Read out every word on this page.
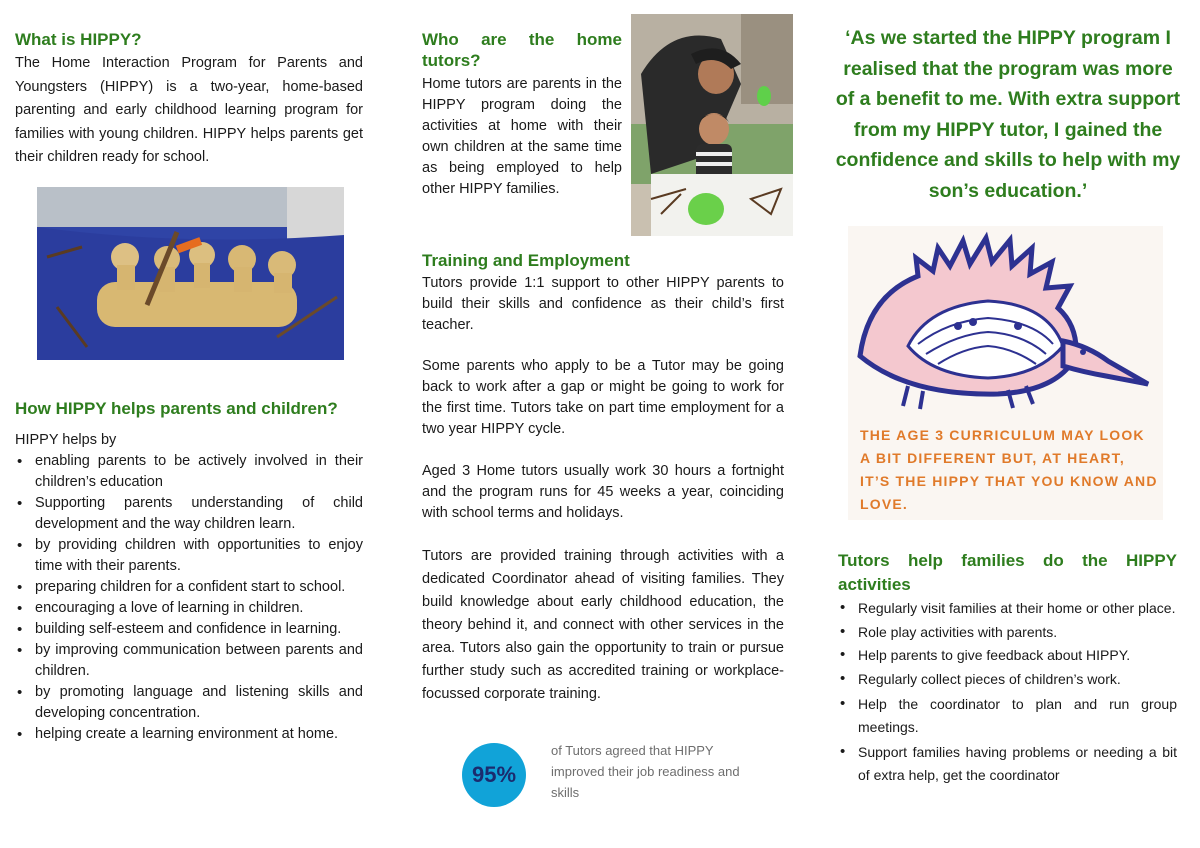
What is HIPPY?

The Home Interaction Program for Parents and Youngsters (HIPPY) is a two-year, home-based parenting and early childhood learning program for families with young children. HIPPY helps parents get their children ready for school.

How HIPPY helps parents and children?

HIPPY helps by

• enabling parents to be actively involved in their children’s education
• Supporting parents understanding of child development and the way children learn.
• by providing children with opportunities to enjoy time with their parents.
• preparing children for a confident start to school.
• encouraging a love of learning in children.
• building self-esteem and confidence in learning.
• by improving communication between parents and children.
• by promoting language and listening skills and developing concentration.
• helping create a learning environment at home.
Who are the home tutors?

Home tutors are parents in the HIPPY program doing the activities at home with their own children at the same time as being employed to help other HIPPY families.

Training and Employment

Tutors provide 1:1 support to other HIPPY parents to build their skills and confidence as their child’s first teacher.

Some parents who apply to be a Tutor may be going back to work after a gap or might be going to work for the first time. Tutors take on part time employment for a two year HIPPY cycle.

Aged 3 Home tutors usually work 30 hours a fortnight and the program runs for 45 weeks a year, coinciding with school terms and holidays.

Tutors are provided training through activities with a dedicated Coordinator ahead of visiting families. They build knowledge about early childhood education, the theory behind it, and connect with other services in the area. Tutors also gain the opportunity to train or pursue further study such as accredited training or workplace-focussed corporate training.

95%

of Tutors agreed that HIPPY improved their job readiness and skills

‘As we started the HIPPY program I realised that the program was more of a benefit to me. With extra support from my HIPPY tutor, I gained the confidence and skills to help with my son’s education.’

THE AGE 3 CURRICULUM MAY LOOK A BIT DIFFERENT BUT, AT HEART, IT’S THE HIPPY THAT YOU KNOW AND LOVE.

Tutors help families do the HIPPY activities
• Regularly visit families at their home or other place.
• Role play activities with parents.
• Help parents to give feedback about HIPPY.
• Regularly collect pieces of children’s work.
• Help the coordinator to plan and run group meetings.
• Support families having problems or needing a bit of extra help, get the coordinator
